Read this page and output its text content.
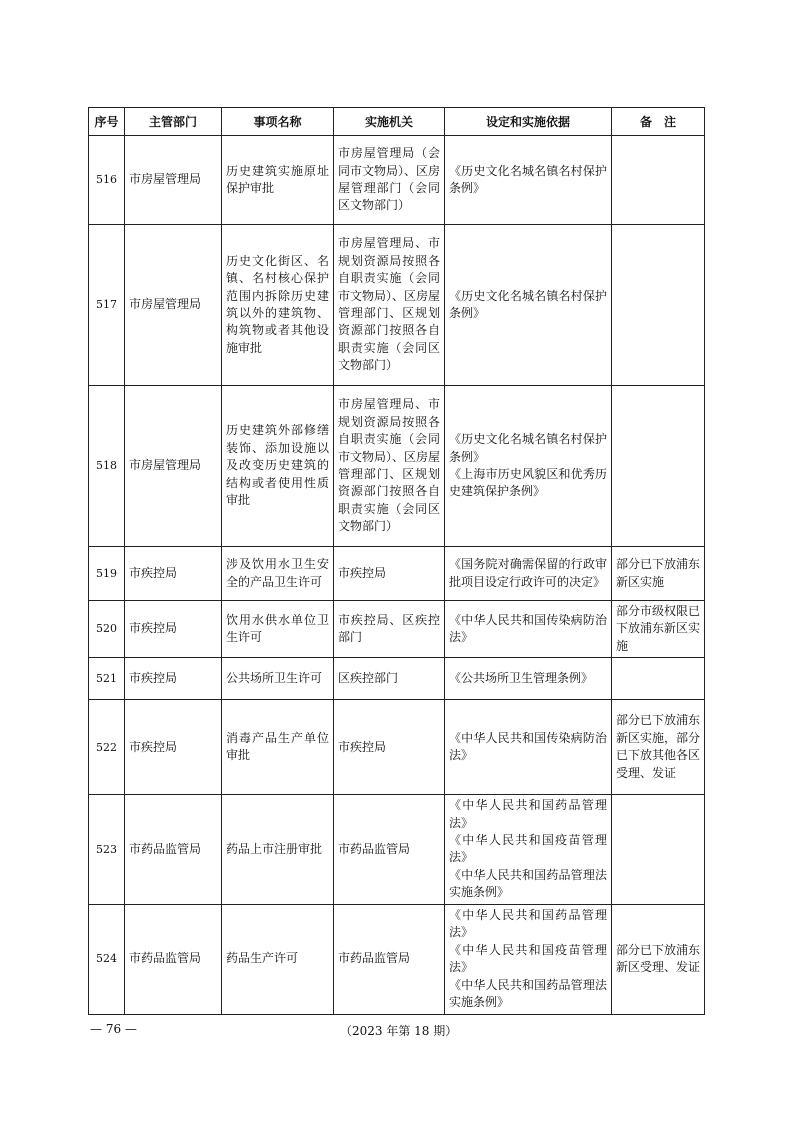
序号	主管部门	事项名称	实施机关	设定和实施依据	备　注
516	市房屋管理局	历史建筑实施原址保护审批	市房屋管理局（会同市文物局）、区房屋管理部门（会同区文物部门）	《历史文化名城名镇名村保护条例》	
517	市房屋管理局	历史文化街区、名镇、名村核心保护范围内拆除历史建筑以外的建筑物、构筑物或者其他设施审批	市房屋管理局、市规划资源局按照各自职责实施（会同市文物局）、区房屋管理部门、区规划资源部门按照各自职责实施（会同区文物部门）	《历史文化名城名镇名村保护条例》	
518	市房屋管理局	历史建筑外部修缮装饰、添加设施以及改变历史建筑的结构或者使用性质审批	市房屋管理局、市规划资源局按照各自职责实施（会同市文物局）、区房屋管理部门、区规划资源部门按照各自职责实施（会同区文物部门）	《历史文化名城名镇名村保护条例》
《上海市历史风貌区和优秀历史建筑保护条例》	
519	市疾控局	涉及饮用水卫生安全的产品卫生许可	市疾控局	《国务院对确需保留的行政审批项目设定行政许可的决定》	部分已下放浦东新区实施
520	市疾控局	饮用水供水单位卫生许可	市疾控局、区疾控部门	《中华人民共和国传染病防治法》	部分市级权限已下放浦东新区实施
521	市疾控局	公共场所卫生许可	区疾控部门	《公共场所卫生管理条例》	
522	市疾控局	消毒产品生产单位审批	市疾控局	《中华人民共和国传染病防治法》	部分已下放浦东新区实施，部分已下放其他各区受理、发证
523	市药品监管局	药品上市注册审批	市药品监管局	《中华人民共和国药品管理法》
《中华人民共和国疫苗管理法》
《中华人民共和国药品管理法实施条例》	
524	市药品监管局	药品生产许可	市药品监管局	《中华人民共和国药品管理法》
《中华人民共和国疫苗管理法》
《中华人民共和国药品管理法实施条例》	部分已下放浦东新区受理、发证
— 76 —	（2023 年第 18 期）
